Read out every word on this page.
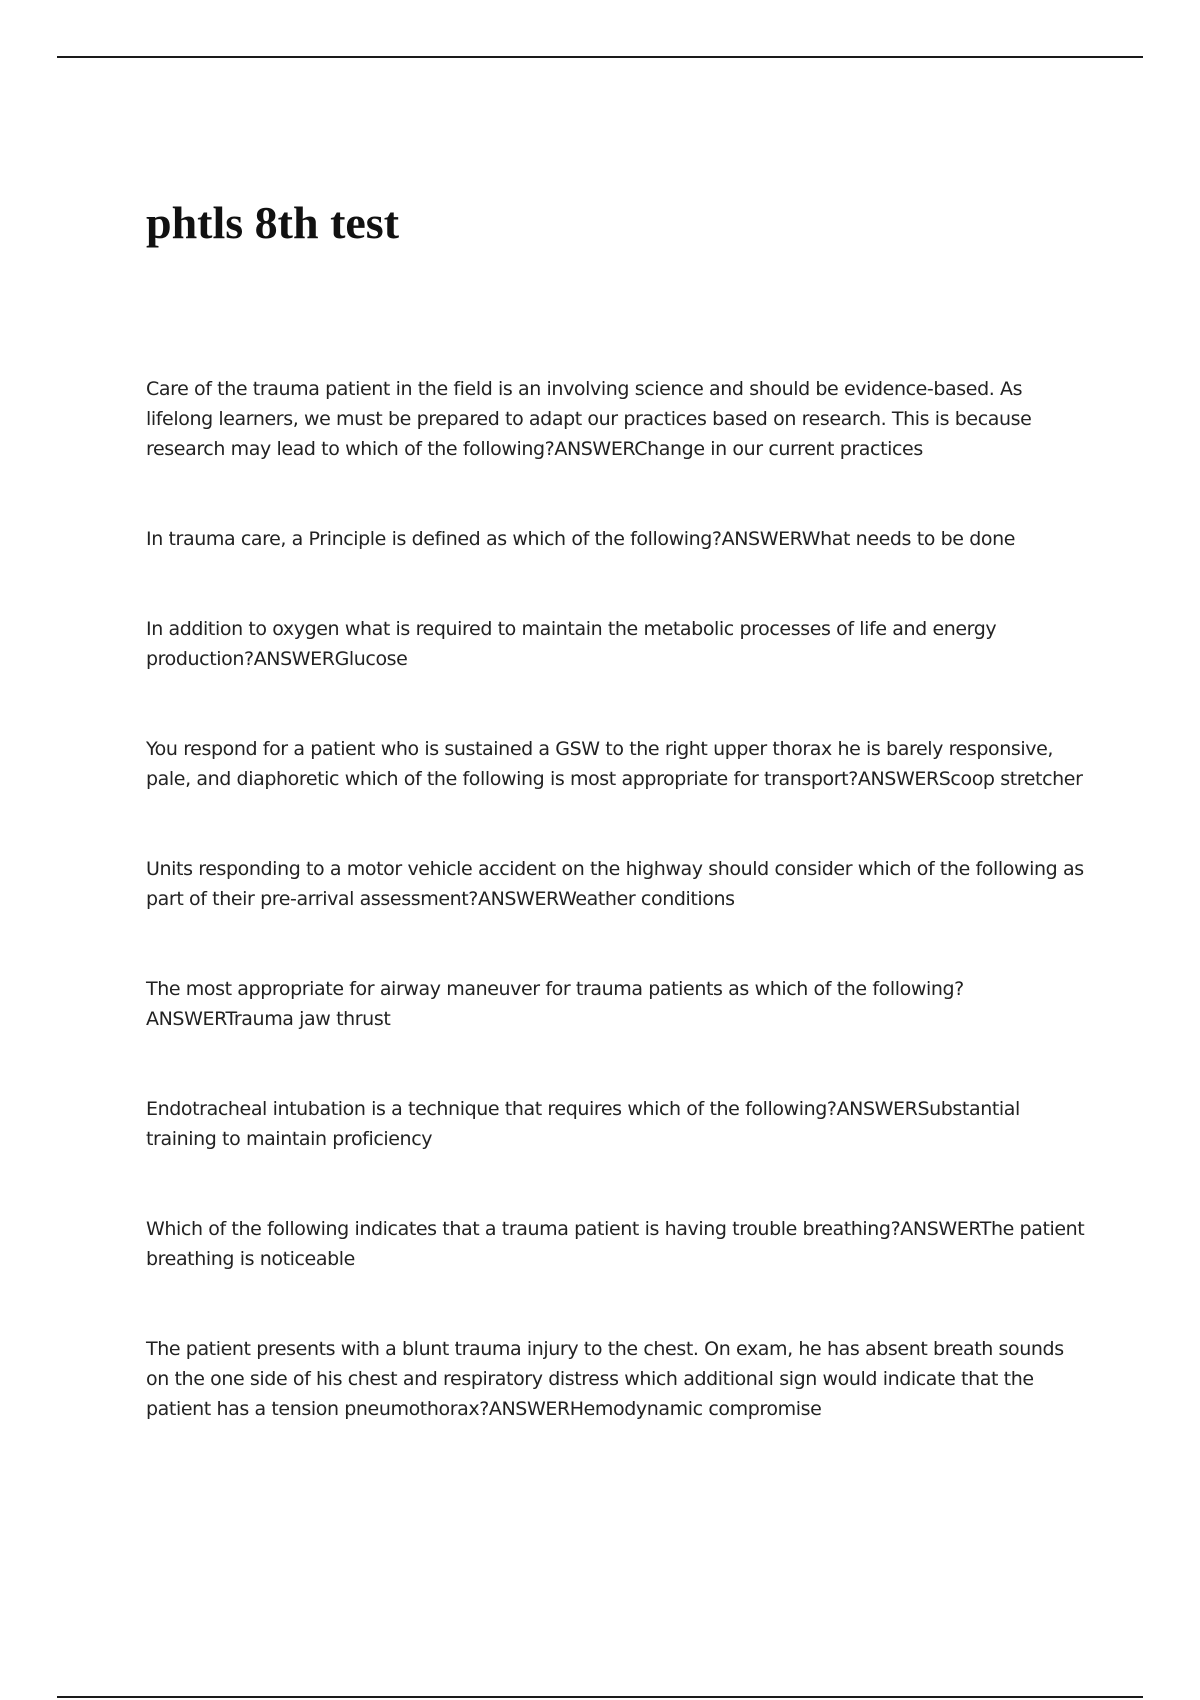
phtls 8th test
Care of the trauma patient in the field is an involving science and should be evidence-based. As lifelong learners, we must be prepared to adapt our practices based on research. This is because research may lead to which of the following?ANSWERChange in our current practices
In trauma care, a Principle is defined as which of the following?ANSWERWhat needs to be done
In addition to oxygen what is required to maintain the metabolic processes of life and energy production?ANSWERGlucose
You respond for a patient who is sustained a GSW to the right upper thorax he is barely responsive, pale, and diaphoretic which of the following is most appropriate for transport?ANSWERScoop stretcher
Units responding to a motor vehicle accident on the highway should consider which of the following as part of their pre-arrival assessment?ANSWERWeather conditions
The most appropriate for airway maneuver for trauma patients as which of the following?ANSWERTrauma jaw thrust
Endotracheal intubation is a technique that requires which of the following?ANSWERSubstantial training to maintain proficiency
Which of the following indicates that a trauma patient is having trouble breathing?ANSWERThe patient breathing is noticeable
The patient presents with a blunt trauma injury to the chest. On exam, he has absent breath sounds on the one side of his chest and respiratory distress which additional sign would indicate that the patient has a tension pneumothorax?ANSWERHemodynamic compromise
